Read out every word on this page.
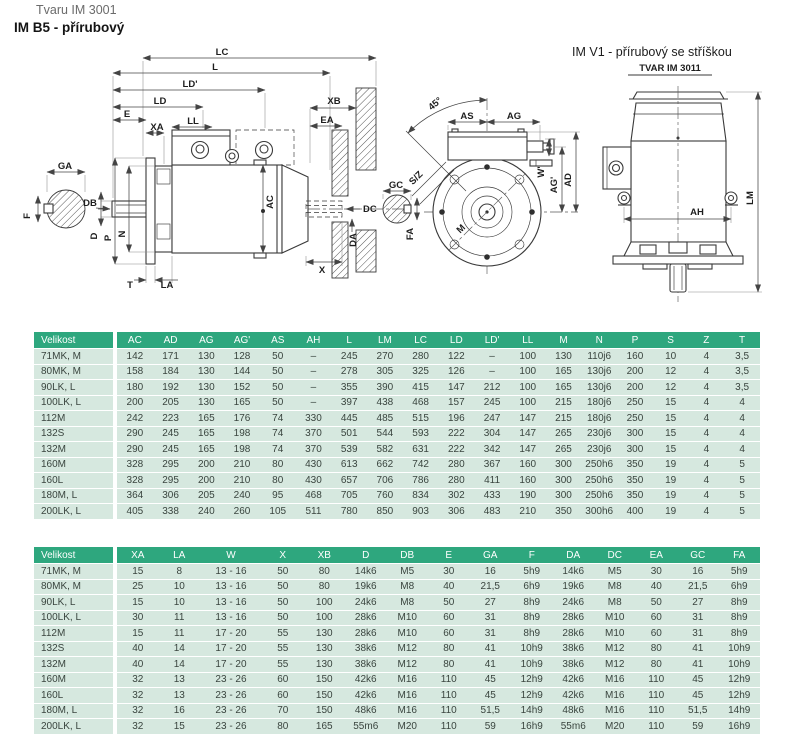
LC
L
LD'
LD
E
XA
LL
XB
EA
GA
F
DB
D P
N
T	LA
AC
X
DA
DC
GC
FA
45°
S/Z
M
AS	AG
W'
AG' AD
TVAR IM 3011
AH
LM
Tvaru IM 3001
IM B5 - přírubový
IM V1 - přírubový se stříškou
Velikost	AC	AD	AG	AG'	AS	AH	L	LM	LC	LD	LD'	LL	M	N	P	S	Z	T
71MK, M	142	171	130	128	50	–	245	270	280	122	–	100	130	110j6	160	10	4	3,5
80MK, M	158	184	130	144	50	–	278	305	325	126	–	100	165	130j6	200	12	4	3,5
90LK, L	180	192	130	152	50	–	355	390	415	147	212	100	165	130j6	200	12	4	3,5
100LK, L	200	205	130	165	50	–	397	438	468	157	245	100	215	180j6	250	15	4	4
112M	242	223	165	176	74	330	445	485	515	196	247	147	215	180j6	250	15	4	4
132S	290	245	165	198	74	370	501	544	593	222	304	147	265	230j6	300	15	4	4
132M	290	245	165	198	74	370	539	582	631	222	342	147	265	230j6	300	15	4	4
160M	328	295	200	210	80	430	613	662	742	280	367	160	300	250h6	350	19	4	5
160L	328	295	200	210	80	430	657	706	786	280	411	160	300	250h6	350	19	4	5
180M, L	364	306	205	240	95	468	705	760	834	302	433	190	300	250h6	350	19	4	5
200LK, L	405	338	240	260	105	511	780	850	903	306	483	210	350	300h6	400	19	4	5
Velikost	XA	LA	W	X	XB	D	DB	E	GA	F	DA	DC	EA	GC	FA
71MK, M	15	8	13 - 16	50	80	14k6	M5	30	16	5h9	14k6	M5	30	16	5h9
80MK, M	25	10	13 - 16	50	80	19k6	M8	40	21,5	6h9	19k6	M8	40	21,5	6h9
90LK, L	15	10	13 - 16	50	100	24k6	M8	50	27	8h9	24k6	M8	50	27	8h9
100LK, L	30	11	13 - 16	50	100	28k6	M10	60	31	8h9	28k6	M10	60	31	8h9
112M	15	11	17 - 20	55	130	28k6	M10	60	31	8h9	28k6	M10	60	31	8h9
132S	40	14	17 - 20	55	130	38k6	M12	80	41	10h9	38k6	M12	80	41	10h9
132M	40	14	17 - 20	55	130	38k6	M12	80	41	10h9	38k6	M12	80	41	10h9
160M	32	13	23 - 26	60	150	42k6	M16	110	45	12h9	42k6	M16	110	45	12h9
160L	32	13	23 - 26	60	150	42k6	M16	110	45	12h9	42k6	M16	110	45	12h9
180M, L	32	16	23 - 26	70	150	48k6	M16	110	51,5	14h9	48k6	M16	110	51,5	14h9
200LK, L	32	15	23 - 26	80	165	55m6	M20	110	59	16h9	55m6	M20	110	59	16h9
